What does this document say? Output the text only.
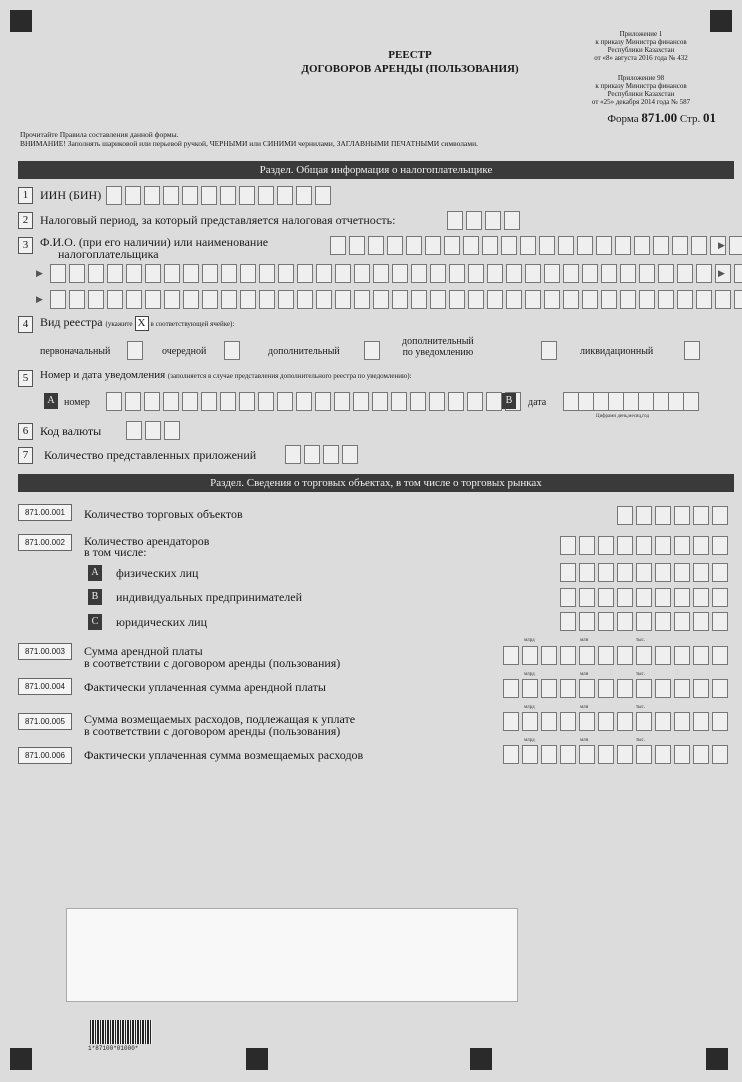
РЕЕСТР
ДОГОВОРОВ АРЕНДЫ (ПОЛЬЗОВАНИЯ)
Приложение 1
к приказу Министра финансов
Республики Казахстан
от «8» августа 2016 года № 432
Приложение 98
к приказу Министра финансов
Республики Казахстан
от «25» декабря 2014 года № 587
Форма 871.00 Стр. 01
Прочитайте Правила составления данной формы.
ВНИМАНИЕ! Заполнять шариковой или перьевой ручкой, ЧЕРНЫМИ или СИНИМИ чернилами, ЗАГЛАВНЫМИ ПЕЧАТНЫМИ символами.
Раздел. Общая информация о налогоплательщике
1 ИИН (БИН)
2 Налоговый период, за который представляется налоговая отчетность:
3 Ф.И.О. (при его наличии) или наименование
налогоплательщика
▶
▶	▶
▶
4 Вид реестра (укажите X в соответствующей ячейке):
первоначальный	очередной	дополнительный
дополнительный
по уведомлению	ликвидационный
5	Номер и дата уведомления (заполняется в случае представления дополнительного реестра по уведомлению):
A номер	B	дата
Цифрами день,месяц,год
6 Код валюты
7	Количество представленных приложений
Раздел. Сведения о торговых объектах, в том числе о торговых рынках
871.00.001	Количество торговых объектов
871.00.002	Количество арендаторов
в том числе:
A физических лиц
B	индивидуальных предпринимателей
C	юридических лиц
871.00.003	Сумма арендной платы
в соответствии с договором аренды (пользования)
млрд	млн	тыс.
871.00.004	Фактически уплаченная сумма арендной платы
млрд	млн	тыс.
871.00.005	Сумма возмещаемых расходов, подлежащая к уплате
в соответствии с договором аренды (пользования)
млрд	млн	тыс.
871.00.006	Фактически уплаченная сумма возмещаемых расходов
млрд	млн	тыс.
1*87100*01000*
